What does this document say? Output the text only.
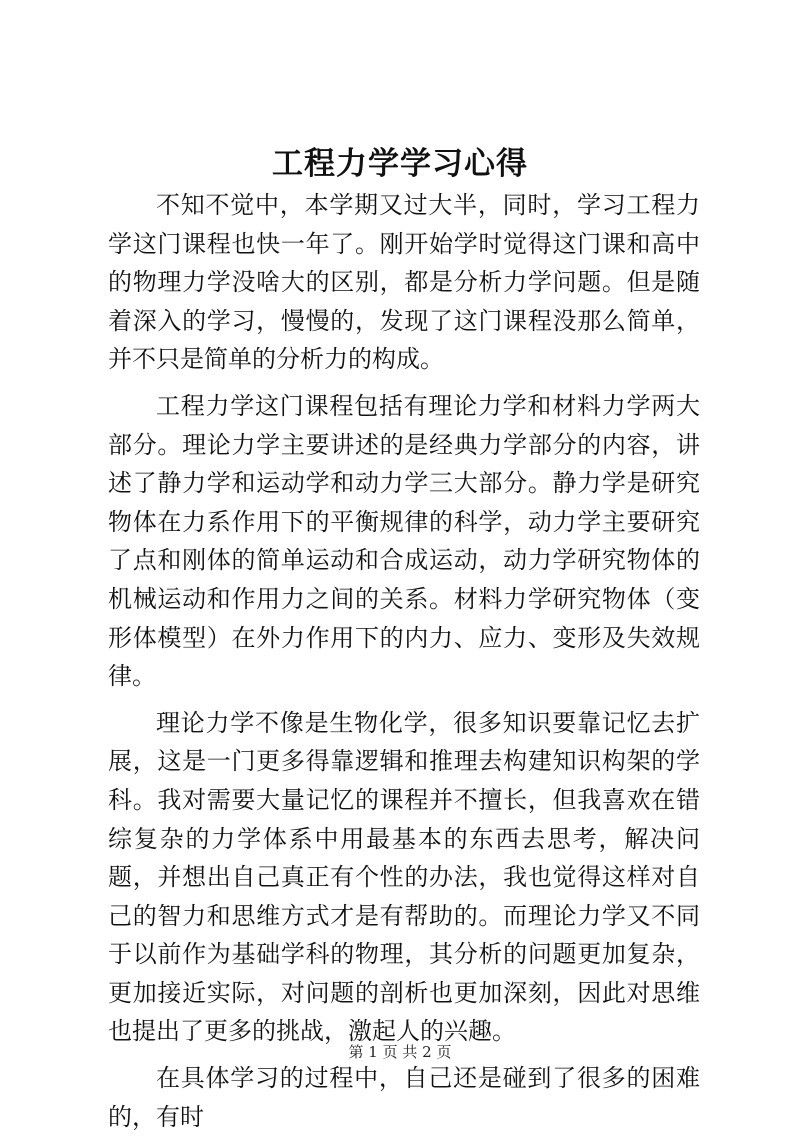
工程力学学习心得

不知不觉中，本学期又过大半，同时，学习工程力学这门课程也快一年了。刚开始学时觉得这门课和高中的物理力学没啥大的区别，都是分析力学问题。但是随着深入的学习，慢慢的，发现了这门课程没那么简单，并不只是简单的分析力的构成。

工程力学这门课程包括有理论力学和材料力学两大部分。理论力学主要讲述的是经典力学部分的内容，讲述了静力学和运动学和动力学三大部分。静力学是研究物体在力系作用下的平衡规律的科学，动力学主要研究了点和刚体的简单运动和合成运动，动力学研究物体的机械运动和作用力之间的关系。材料力学研究物体（变形体模型）在外力作用下的内力、应力、变形及失效规律。

理论力学不像是生物化学，很多知识要靠记忆去扩展，这是一门更多得靠逻辑和推理去构建知识构架的学科。我对需要大量记忆的课程并不擅长，但我喜欢在错综复杂的力学体系中用最基本的东西去思考，解决问题，并想出自己真正有个性的办法，我也觉得这样对自己的智力和思维方式才是有帮助的。而理论力学又不同于以前作为基础学科的物理，其分析的问题更加复杂，更加接近实际，对问题的剖析也更加深刻，因此对思维也提出了更多的挑战，激起人的兴趣。

在具体学习的过程中，自己还是碰到了很多的困难的，有时

第 1 页 共 2 页
